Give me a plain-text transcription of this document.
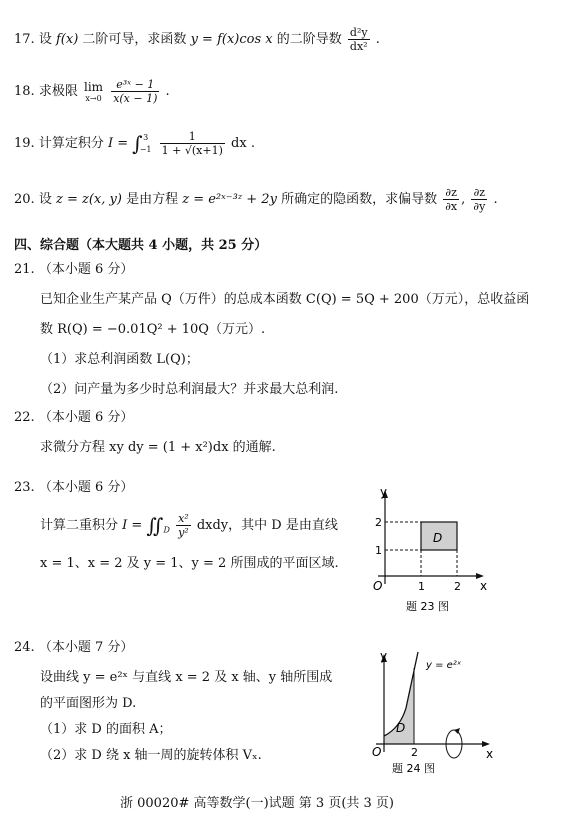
17. 设 f(x) 二阶可导，求函数 y = f(x)cos x 的二阶导数 $\frac{\text{d²y}}{\text{dx²}}$ .
18. 求极限 lim
x→0
$\frac{\text{e³ˣ − 1}}{x(x - 1)}$ .
19. 计算定积分 I = ∫ 3
−1
$\frac{1}{1 + √(x+1)}$ dx .
20. 设 z = z(x, y) 是由方程 z = e²ˣ⁻³ᶻ + 2y 所确定的隐函数，求偏导数 $\frac{\partial z}{\partial x}$ , $\frac{\partial z}{\partial y}$ .
四、综合题（本大题共 4 小题，共 25 分）
21. （本小题 6 分）
已知企业生产某产品 Q（万件）的总成本函数 C(Q) = 5Q + 200（万元），总收益函
数 R(Q) = −0.01Q² + 10Q（万元）.
（1）求总利润函数 L(Q)；
（2）问产量为多少时总利润最大？并求最大总利润.
22. （本小题 6 分）
求微分方程 xy dy = (1 + x²)dx 的通解.
23. （本小题 6 分）
计算二重积分 $I = ∬_D \frac{\text{x²}}{\text{y²}}$ dxdy，其中 D 是由直线
x = 1、x = 2 及 y = 1、y = 2 所围成的平面区域.
y
x
O
D
2
1
1	2
题 23 图
24. （本小题 7 分）
设曲线 y = e²ˣ 与直线 x = 2 及 x 轴、y 轴所围成
的平面图形为 D.
（1）求 D 的面积 A；
（2）求 D 绕 x 轴一周的旋转体积 Vₓ.
y
x
O
D
y = e²ˣ
2
题 24 图
浙 00020# 高等数学(一)试题 第 3 页(共 3 页)
